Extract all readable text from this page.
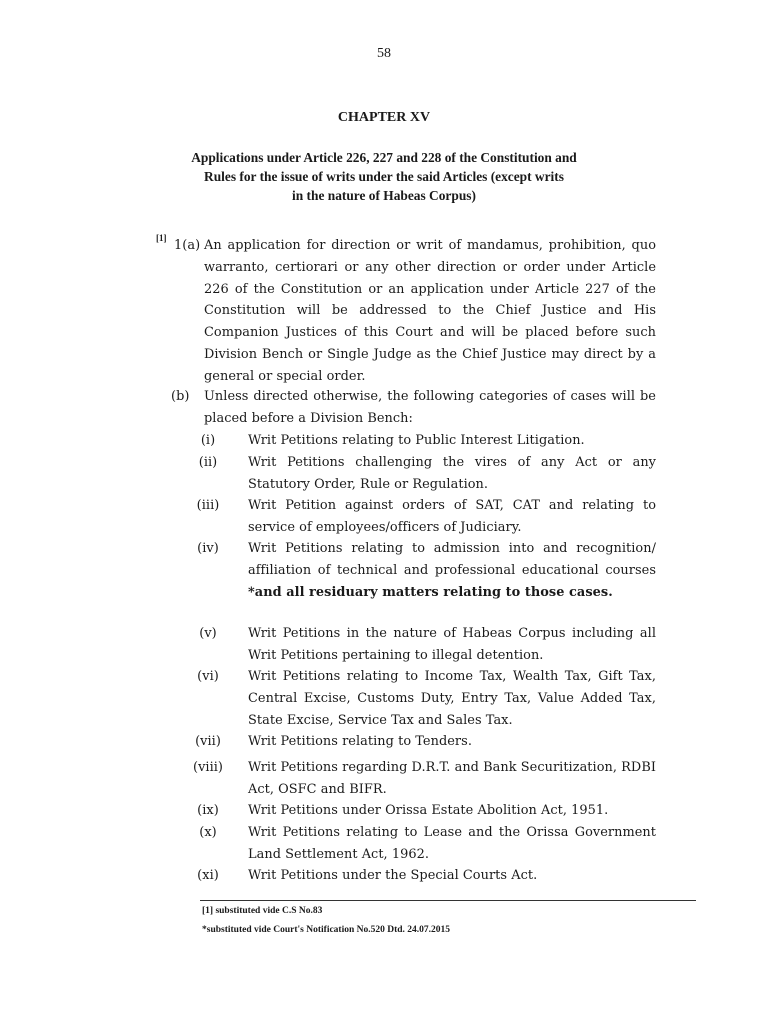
58
CHAPTER XV
Applications under Article 226, 227 and 228 of the Constitution and
Rules for the issue of writs under the said Articles (except writs
in the nature of Habeas Corpus)
[1] 1(a) An application for direction or writ of mandamus, prohibition, quo warranto, certiorari or any other direction or order under Article 226 of the Constitution or an application under Article 227 of the Constitution will be addressed to the Chief Justice and His Companion Justices of this Court and will be placed before such Division Bench or Single Judge as the Chief Justice may direct by a general or special order.
(b) Unless directed otherwise, the following categories of cases will be placed before a Division Bench:
(i)	Writ Petitions relating to Public Interest Litigation.
(ii)	Writ Petitions challenging the vires of any Act or any Statutory Order, Rule or Regulation.
(iii)	Writ Petition against orders of SAT, CAT and relating to service of employees/officers of Judiciary.
(iv)	Writ Petitions relating to admission into and recognition/ affiliation of technical and professional educational courses *and all residuary matters relating to those cases.
(v)	Writ Petitions in the nature of Habeas Corpus including all Writ Petitions pertaining to illegal detention.
(vi)	Writ Petitions relating to Income Tax, Wealth Tax, Gift Tax, Central Excise, Customs Duty, Entry Tax, Value Added Tax, State Excise, Service Tax and Sales Tax.
(vii)	Writ Petitions relating to Tenders.
(viii)	Writ Petitions regarding D.R.T. and Bank Securitization, RDBI Act, OSFC and BIFR.
(ix)	Writ Petitions under Orissa Estate Abolition Act, 1951.
(x)	Writ Petitions relating to Lease and the Orissa Government Land Settlement Act, 1962.
(xi)	Writ Petitions under the Special Courts Act.
[1] substituted vide C.S No.83
*substituted vide Court's Notification No.520 Dtd. 24.07.2015
